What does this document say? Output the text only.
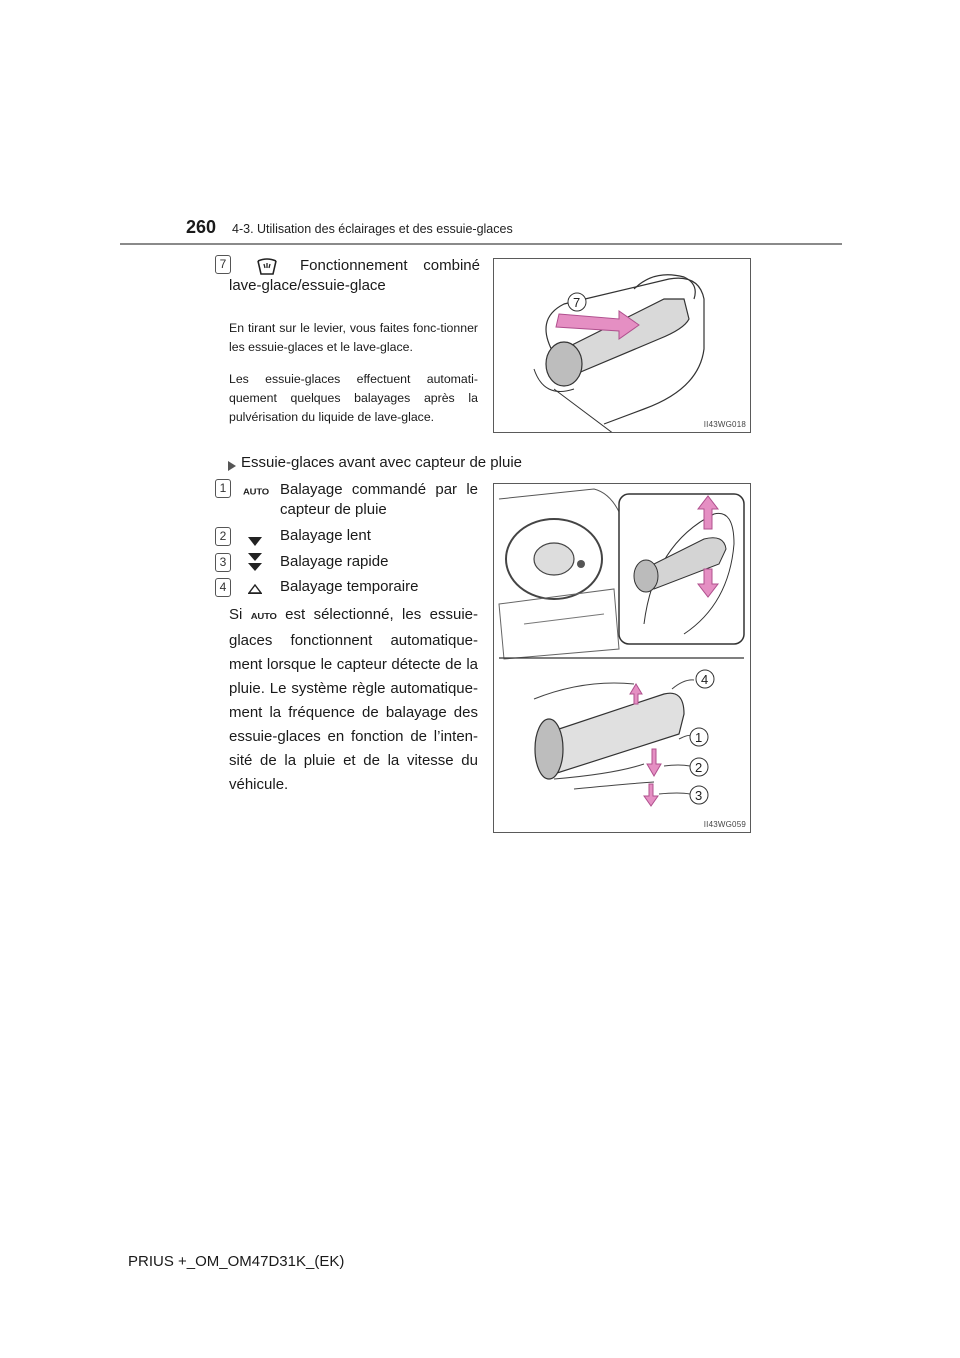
260 4-3. Utilisation des éclairages et des essuie-glaces
7	Fonctionnement combiné
lave-glace/essuie-glace
En tirant sur le levier, vous faites fonc-tionner les essuie-glaces et le lave-glace.
Les essuie-glaces effectuent automati-quement quelques balayages après la pulvérisation du liquide de lave-glace.
7
II43WG018
Essuie-glaces avant avec capteur de pluie
1	AUTO Balayage commandé par le
capteur de pluie
2	Balayage lent
3	Balayage rapide
4	Balayage temporaire
Si AUTO est sélectionné, les essuie-glaces fonctionnent automatique-ment lorsque le capteur détecte de la pluie. Le système règle automatique-ment la fréquence de balayage des essuie-glaces en fonction de l’inten-sité de la pluie et de la vitesse du véhicule.
4
1
2
3
II43WG059
PRIUS +_OM_OM47D31K_(EK)
